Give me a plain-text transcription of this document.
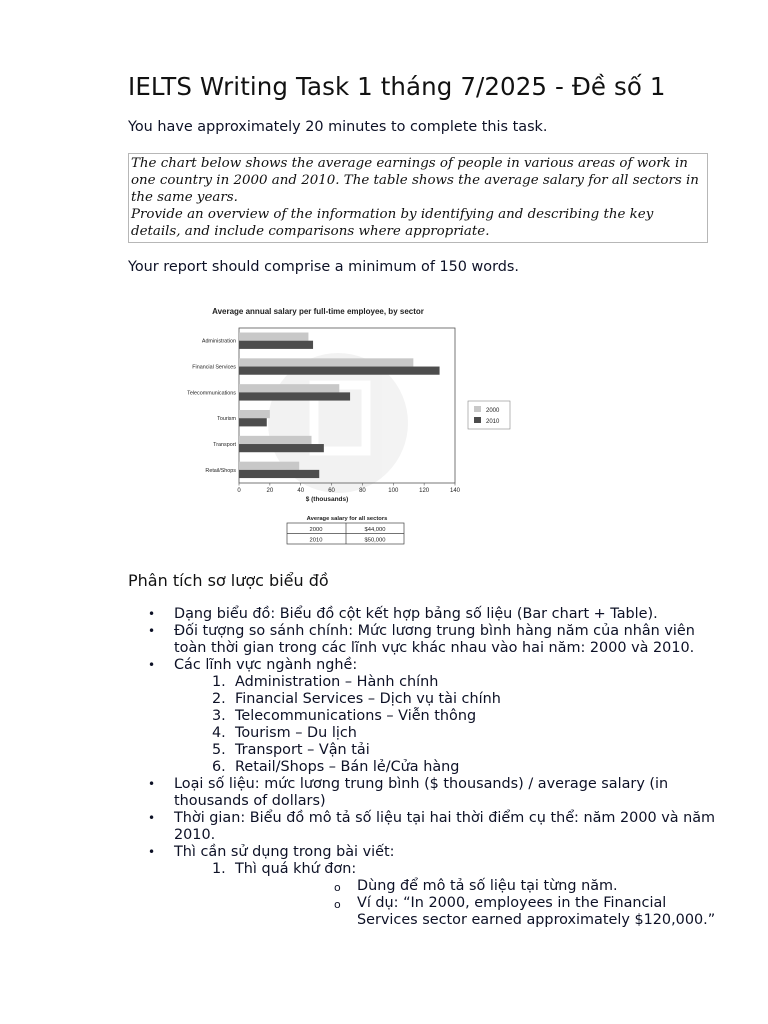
IELTS Writing Task 1 tháng 7/2025 - Đề số 1

You have approximately 20 minutes to complete this task.

The chart below shows the average earnings of people in various areas of work in one country in 2000 and 2010. The table shows the average salary for all sectors in the same years.

Provide an overview of the information by identifying and describing the key details, and include comparisons where appropriate.

Your report should comprise a minimum of 150 words.

Average annual salary per full-time employee, by sector
Administration
Financial Services
Telecommunications
Tourism
Transport
Retail/Shops
0	20	40	60	80	100	120	140
$ (thousands)
2000
2010
Average salary for all sectors
2000	$44,000
2010	$50,000
Phân tích sơ lược biểu đồ
• Dạng biểu đồ: Biểu đồ cột kết hợp bảng số liệu (Bar chart + Table).
• Đối tượng so sánh chính: Mức lương trung bình hàng năm của nhân viên toàn thời gian trong các lĩnh vực khác nhau vào hai năm: 2000 và 2010.
• Các lĩnh vực ngành nghề:
1. Administration – Hành chính
2. Financial Services – Dịch vụ tài chính
3. Telecommunications – Viễn thông
4. Tourism – Du lịch
5. Transport – Vận tải
6. Retail/Shops – Bán lẻ/Cửa hàng
• Loại số liệu: mức lương trung bình ($ thousands) / average salary (in thousands of dollars)
• Thời gian: Biểu đồ mô tả số liệu tại hai thời điểm cụ thể: năm 2000 và năm 2010.
• Thì cần sử dụng trong bài viết:
1. Thì quá khứ đơn:
o Dùng để mô tả số liệu tại từng năm.
o Ví dụ: “In 2000, employees in the Financial Services sector earned approximately $120,000.”
